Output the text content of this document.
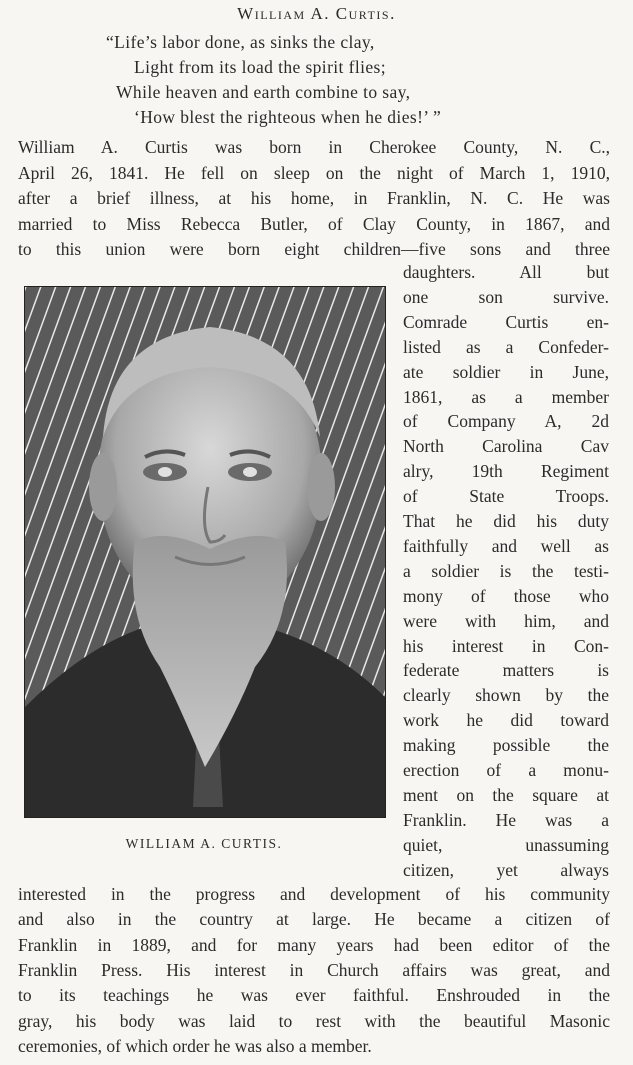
William A. Curtis.
“Life’s labor done, as sinks the clay,
Light from its load the spirit flies;
While heaven and earth combine to say,
‘How blest the righteous when he dies!’ ”
William A. Curtis was born in Cherokee County, N. C.,
April 26, 1841. He fell on sleep on the night of March 1, 1910,
after a brief illness, at his home, in Franklin, N. C. He was
married to Miss Rebecca Butler, of Clay County, in 1867, and
to this union were born eight children—five sons and three
daughters. All but
one son survive.
Comrade Curtis en-
listed as a Confeder-
ate soldier in June,
1861, as a member
of Company A, 2d
North Carolina Cav
alry, 19th Regiment
of State Troops.
That he did his duty
faithfully and well as
a soldier is the testi-
mony of those who
were with him, and
his interest in Con-
federate matters is
clearly shown by the
work he did toward
making possible the
erection of a monu-
ment on the square at
Franklin. He was a
quiet, unassuming
citizen, yet always
interested in the progress and development of his community
and also in the country at large. He became a citizen of
Franklin in 1889, and for many years had been editor of the
Franklin Press. His interest in Church affairs was great, and
to its teachings he was ever faithful. Enshrouded in the
gray, his body was laid to rest with the beautiful Masonic
ceremonies, of which order he was also a member.
WILLIAM A. CURTIS.
